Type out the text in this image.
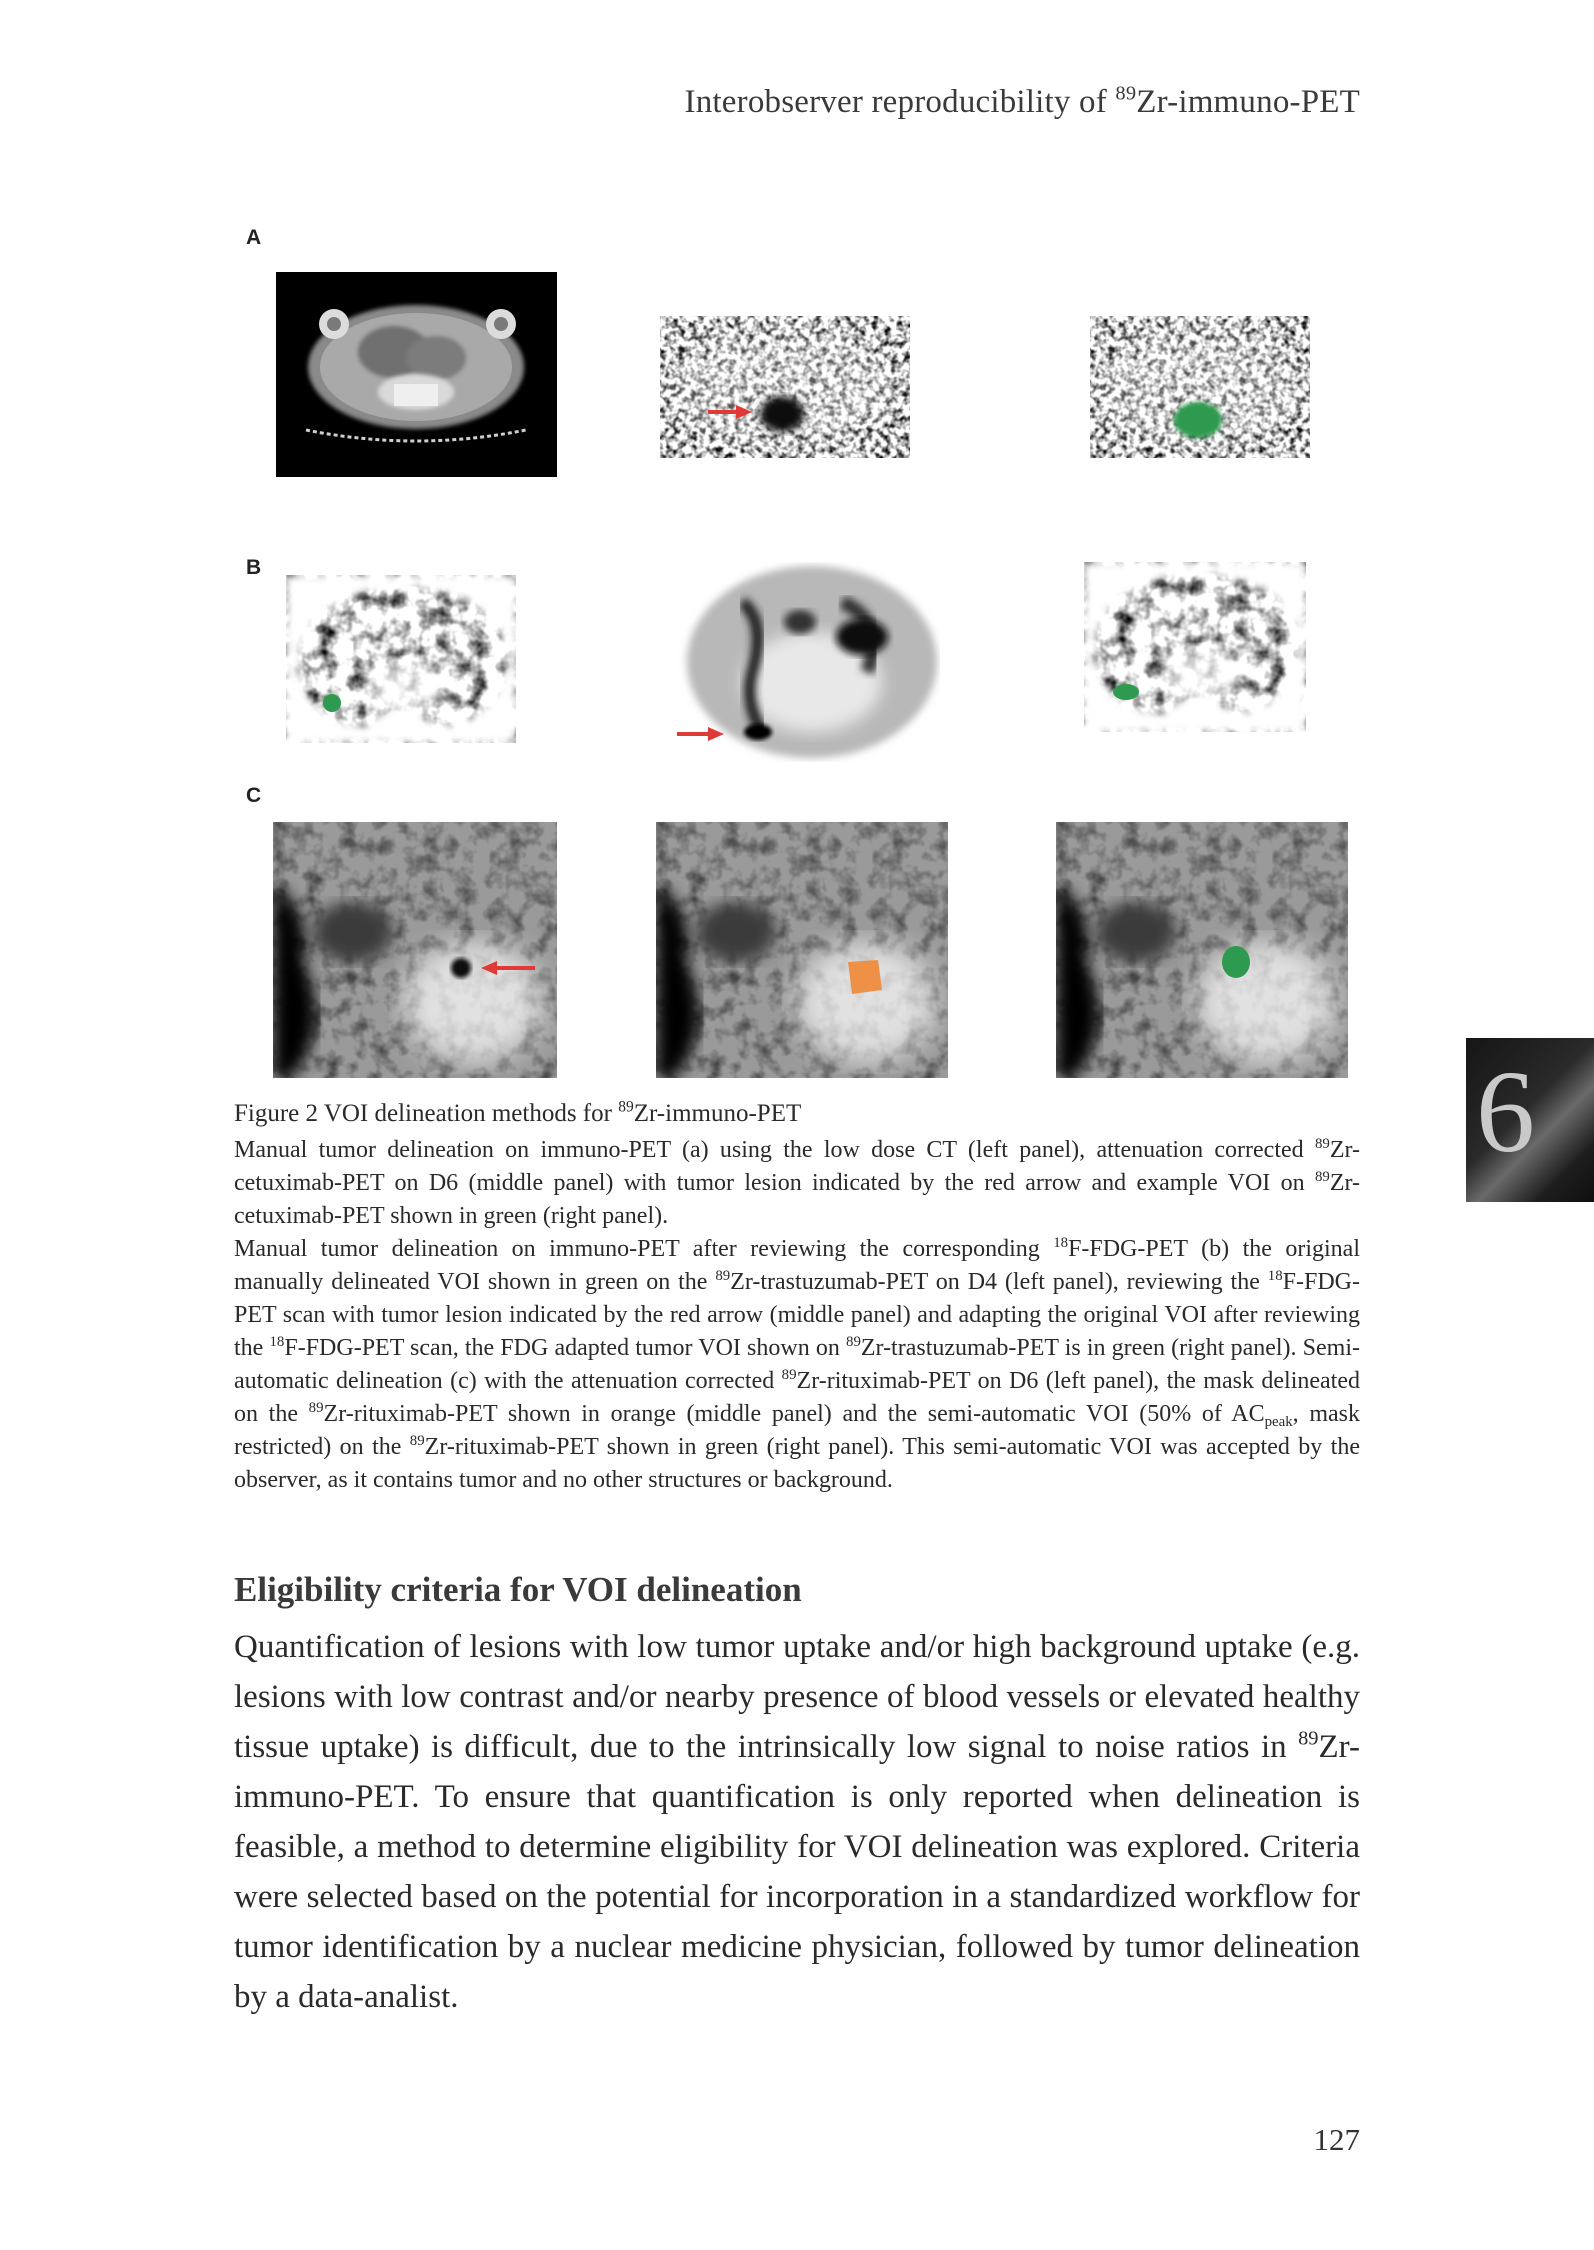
Interobserver reproducibility of $^{89}$Zr-immuno-PET
A
B
C
Figure 2 VOI delineation methods for $^{89}$Zr-immuno-PET
Manual tumor delineation on immuno-PET (a) using the low dose CT (left panel), attenuation corrected $^{89}$Zr-cetuximab-PET on D6 (middle panel) with tumor lesion indicated by the red arrow and example VOI on $^{89}$Zr-cetuximab-PET shown in green (right panel).
Manual tumor delineation on immuno-PET after reviewing the corresponding $^{18}$F-FDG-PET (b) the original manually delineated VOI shown in green on the $^{89}$Zr-trastuzumab-PET on D4 (left panel), reviewing the $^{18}$F-FDG-PET scan with tumor lesion indicated by the red arrow (middle panel) and adapting the original VOI after reviewing the $^{18}$F-FDG-PET scan, the FDG adapted tumor VOI shown on $^{89}$Zr-trastuzumab-PET is in green (right panel). Semi-automatic delineation (c) with the attenuation corrected $^{89}$Zr-rituximab-PET on D6 (left panel), the mask delineated on the $^{89}$Zr-rituximab-PET shown in orange (middle panel) and the semi-automatic VOI (50% of $AC_{peak}$, mask restricted) on the $^{89}$Zr-rituximab-PET shown in green (right panel). This semi-automatic VOI was accepted by the observer, as it contains tumor and no other structures or background.
Eligibility criteria for VOI delineation
Quantification of lesions with low tumor uptake and/or high background uptake (e.g. lesions with low contrast and/or nearby presence of blood vessels or elevated healthy tissue uptake) is difficult, due to the intrinsically low signal to noise ratios in $^{89}$Zr-immuno-PET. To ensure that quantification is only reported when delineation is feasible, a method to determine eligibility for VOI delineation was explored. Criteria were selected based on the potential for incorporation in a standardized workflow for tumor identification by a nuclear medicine physician, followed by tumor delineation by a data-analist.
127
6
